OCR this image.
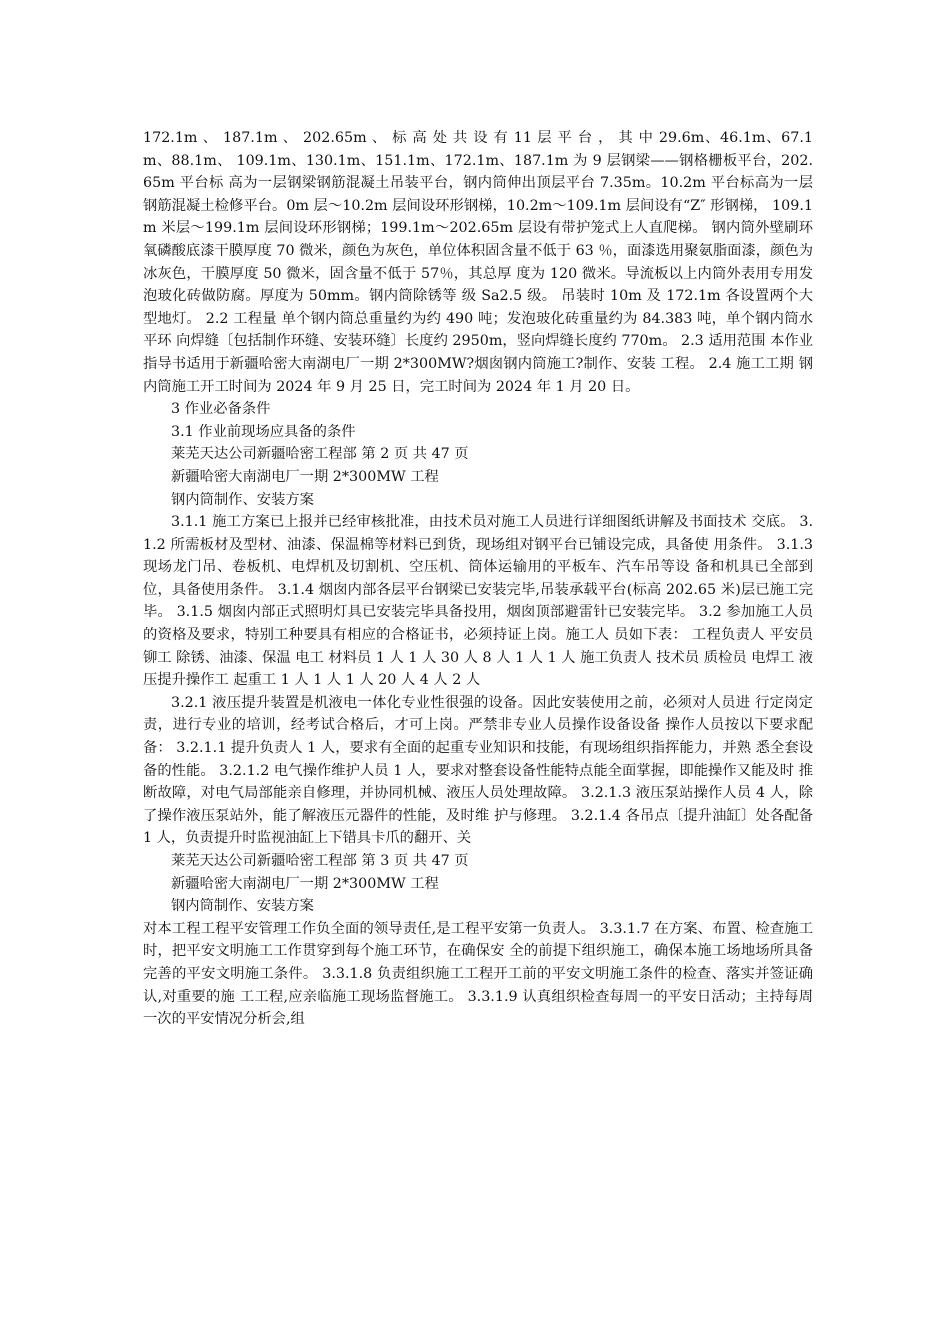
172.1m 、 187.1m 、 202.65m 、 标 高 处 共 设 有 11 层 平 台 ， 其 中 29.6m、46.1m、67.1m、88.1m、 109.1m、130.1m、151.1m、172.1m、187.1m 为 9 层钢梁——钢格栅板平台，202.65m 平台标 高为一层钢梁钢筋混凝土吊装平台，钢内筒伸出顶层平台 7.35m。10.2m 平台标高为一层 钢筋混凝土检修平台。0m 层～10.2m 层间设环形钢梯，10.2m～109.1m 层间设有“Z″ 形钢梯， 109.1m 米层～199.1m 层间设环形钢梯；199.1m～202.65m 层设有带护笼式上人直爬梯。 钢内筒外壁刷环氧磷酸底漆干膜厚度 70 微米，颜色为灰色，单位体积固含量不低于 63 ％，面漆选用聚氨脂面漆，颜色为冰灰色，干膜厚度 50 微米，固含量不低于 57％，其总厚 度为 120 微米。导流板以上内筒外表用专用发泡玻化砖做防腐。厚度为 50mm。钢内筒除锈等 级 Sa2.5 级。 吊装时 10m 及 172.1m 各设置两个大型地灯。 2.2 工程量 单个钢内筒总重量约为约 490 吨；发泡玻化砖重量约为 84.383 吨，单个钢内筒水平环 向焊缝〔包括制作环缝、安装环缝〕长度约 2950m，竖向焊缝长度约 770m。 2.3 适用范围 本作业指导书适用于新疆哈密大南湖电厂一期 2*300MW?烟囱钢内筒施工?制作、安装 工程。 2.4 施工工期 钢内筒施工开工时间为 2024 年 9 月 25 日，完工时间为 2024 年 1 月 20 日。

3 作业必备条件

3.1 作业前现场应具备的条件

莱芜天达公司新疆哈密工程部 第 2 页 共 47 页

新疆哈密大南湖电厂一期 2*300MW 工程

钢内筒制作、安装方案

3.1.1 施工方案已上报并已经审核批准，由技术员对施工人员进行详细图纸讲解及书面技术 交底。 3.1.2 所需板材及型材、油漆、保温棉等材料已到货，现场组对钢平台已铺设完成，具备使 用条件。 3.1.3 现场龙门吊、卷板机、电焊机及切割机、空压机、筒体运输用的平板车、汽车吊等设 备和机具已全部到位，具备使用条件。 3.1.4 烟囱内部各层平台钢梁已安装完毕,吊装承载平台(标高 202.65 米)层已施工完毕。 3.1.5 烟囱内部正式照明灯具已安装完毕具备投用，烟囱顶部避雷针已安装完毕。 3.2 参加施工人员的资格及要求，特别工种要具有相应的合格证书，必须持证上岗。施工人 员如下表： 工程负责人 平安员 铆工 除锈、油漆、保温 电工 材料员 1 人 1 人 30 人 8 人 1 人 1 人 施工负责人 技术员 质检员 电焊工 液压提升操作工 起重工 1 人 1 人 1 人 20 人 4 人 2 人

3.2.1 液压提升装置是机液电一体化专业性很强的设备。因此安装使用之前，必须对人员进 行定岗定责，进行专业的培训，经考试合格后，才可上岗。严禁非专业人员操作设备设备 操作人员按以下要求配备： 3.2.1.1 提升负责人 1 人，要求有全面的起重专业知识和技能，有现场组织指挥能力，并熟 悉全套设备的性能。 3.2.1.2 电气操作维护人员 1 人，要求对整套设备性能特点能全面掌握，即能操作又能及时 推断故障，对电气局部能亲自修理，并协同机械、液压人员处理故障。 3.2.1.3 液压泵站操作人员 4 人，除了操作液压泵站外，能了解液压元器件的性能，及时维 护与修理。 3.2.1.4 各吊点〔提升油缸〕处各配备 1 人，负责提升时监视油缸上下错具卡爪的翻开、关

莱芜天达公司新疆哈密工程部 第 3 页 共 47 页

新疆哈密大南湖电厂一期 2*300MW 工程

钢内筒制作、安装方案

对本工程工程平安管理工作负全面的领导责任,是工程平安第一负责人。 3.3.1.7 在方案、布置、检查施工时，把平安文明施工工作贯穿到每个施工环节，在确保安 全的前提下组织施工，确保本施工场地场所具备完善的平安文明施工条件。 3.3.1.8 负责组织施工工程开工前的平安文明施工条件的检查、落实并签证确认,对重要的施 工工程,应亲临施工现场监督施工。 3.3.1.9 认真组织检查每周一的平安日活动；主持每周一次的平安情况分析会,组
